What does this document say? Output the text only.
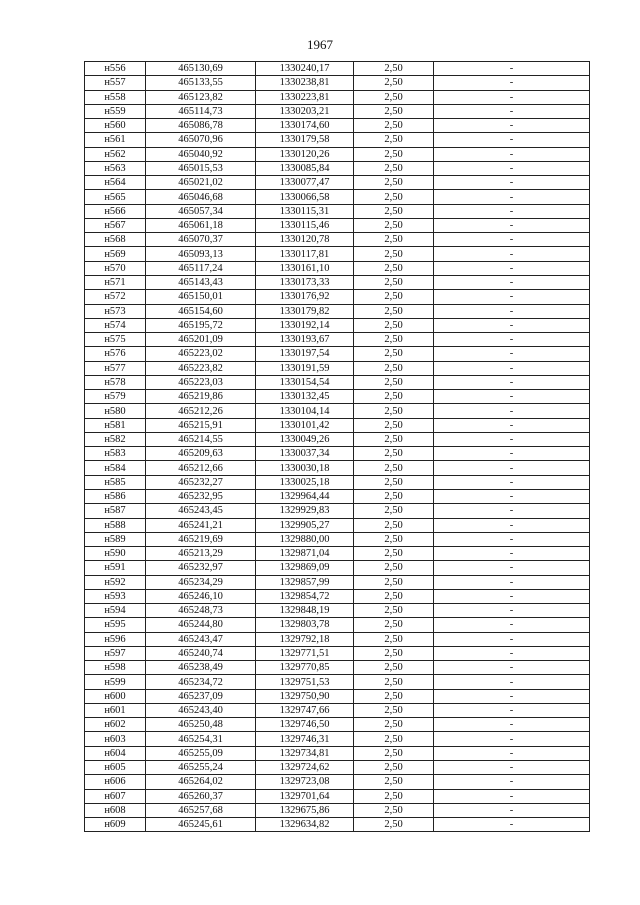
1967
н556	465130,69	1330240,17	2,50	-
н557	465133,55	1330238,81	2,50	-
н558	465123,82	1330223,81	2,50	-
н559	465114,73	1330203,21	2,50	-
н560	465086,78	1330174,60	2,50	-
н561	465070,96	1330179,58	2,50	-
н562	465040,92	1330120,26	2,50	-
н563	465015,53	1330085,84	2,50	-
н564	465021,02	1330077,47	2,50	-
н565	465046,68	1330066,58	2,50	-
н566	465057,34	1330115,31	2,50	-
н567	465061,18	1330115,46	2,50	-
н568	465070,37	1330120,78	2,50	-
н569	465093,13	1330117,81	2,50	-
н570	465117,24	1330161,10	2,50	-
н571	465143,43	1330173,33	2,50	-
н572	465150,01	1330176,92	2,50	-
н573	465154,60	1330179,82	2,50	-
н574	465195,72	1330192,14	2,50	-
н575	465201,09	1330193,67	2,50	-
н576	465223,02	1330197,54	2,50	-
н577	465223,82	1330191,59	2,50	-
н578	465223,03	1330154,54	2,50	-
н579	465219,86	1330132,45	2,50	-
н580	465212,26	1330104,14	2,50	-
н581	465215,91	1330101,42	2,50	-
н582	465214,55	1330049,26	2,50	-
н583	465209,63	1330037,34	2,50	-
н584	465212,66	1330030,18	2,50	-
н585	465232,27	1330025,18	2,50	-
н586	465232,95	1329964,44	2,50	-
н587	465243,45	1329929,83	2,50	-
н588	465241,21	1329905,27	2,50	-
н589	465219,69	1329880,00	2,50	-
н590	465213,29	1329871,04	2,50	-
н591	465232,97	1329869,09	2,50	-
н592	465234,29	1329857,99	2,50	-
н593	465246,10	1329854,72	2,50	-
н594	465248,73	1329848,19	2,50	-
н595	465244,80	1329803,78	2,50	-
н596	465243,47	1329792,18	2,50	-
н597	465240,74	1329771,51	2,50	-
н598	465238,49	1329770,85	2,50	-
н599	465234,72	1329751,53	2,50	-
н600	465237,09	1329750,90	2,50	-
н601	465243,40	1329747,66	2,50	-
н602	465250,48	1329746,50	2,50	-
н603	465254,31	1329746,31	2,50	-
н604	465255,09	1329734,81	2,50	-
н605	465255,24	1329724,62	2,50	-
н606	465264,02	1329723,08	2,50	-
н607	465260,37	1329701,64	2,50	-
н608	465257,68	1329675,86	2,50	-
н609	465245,61	1329634,82	2,50	-
